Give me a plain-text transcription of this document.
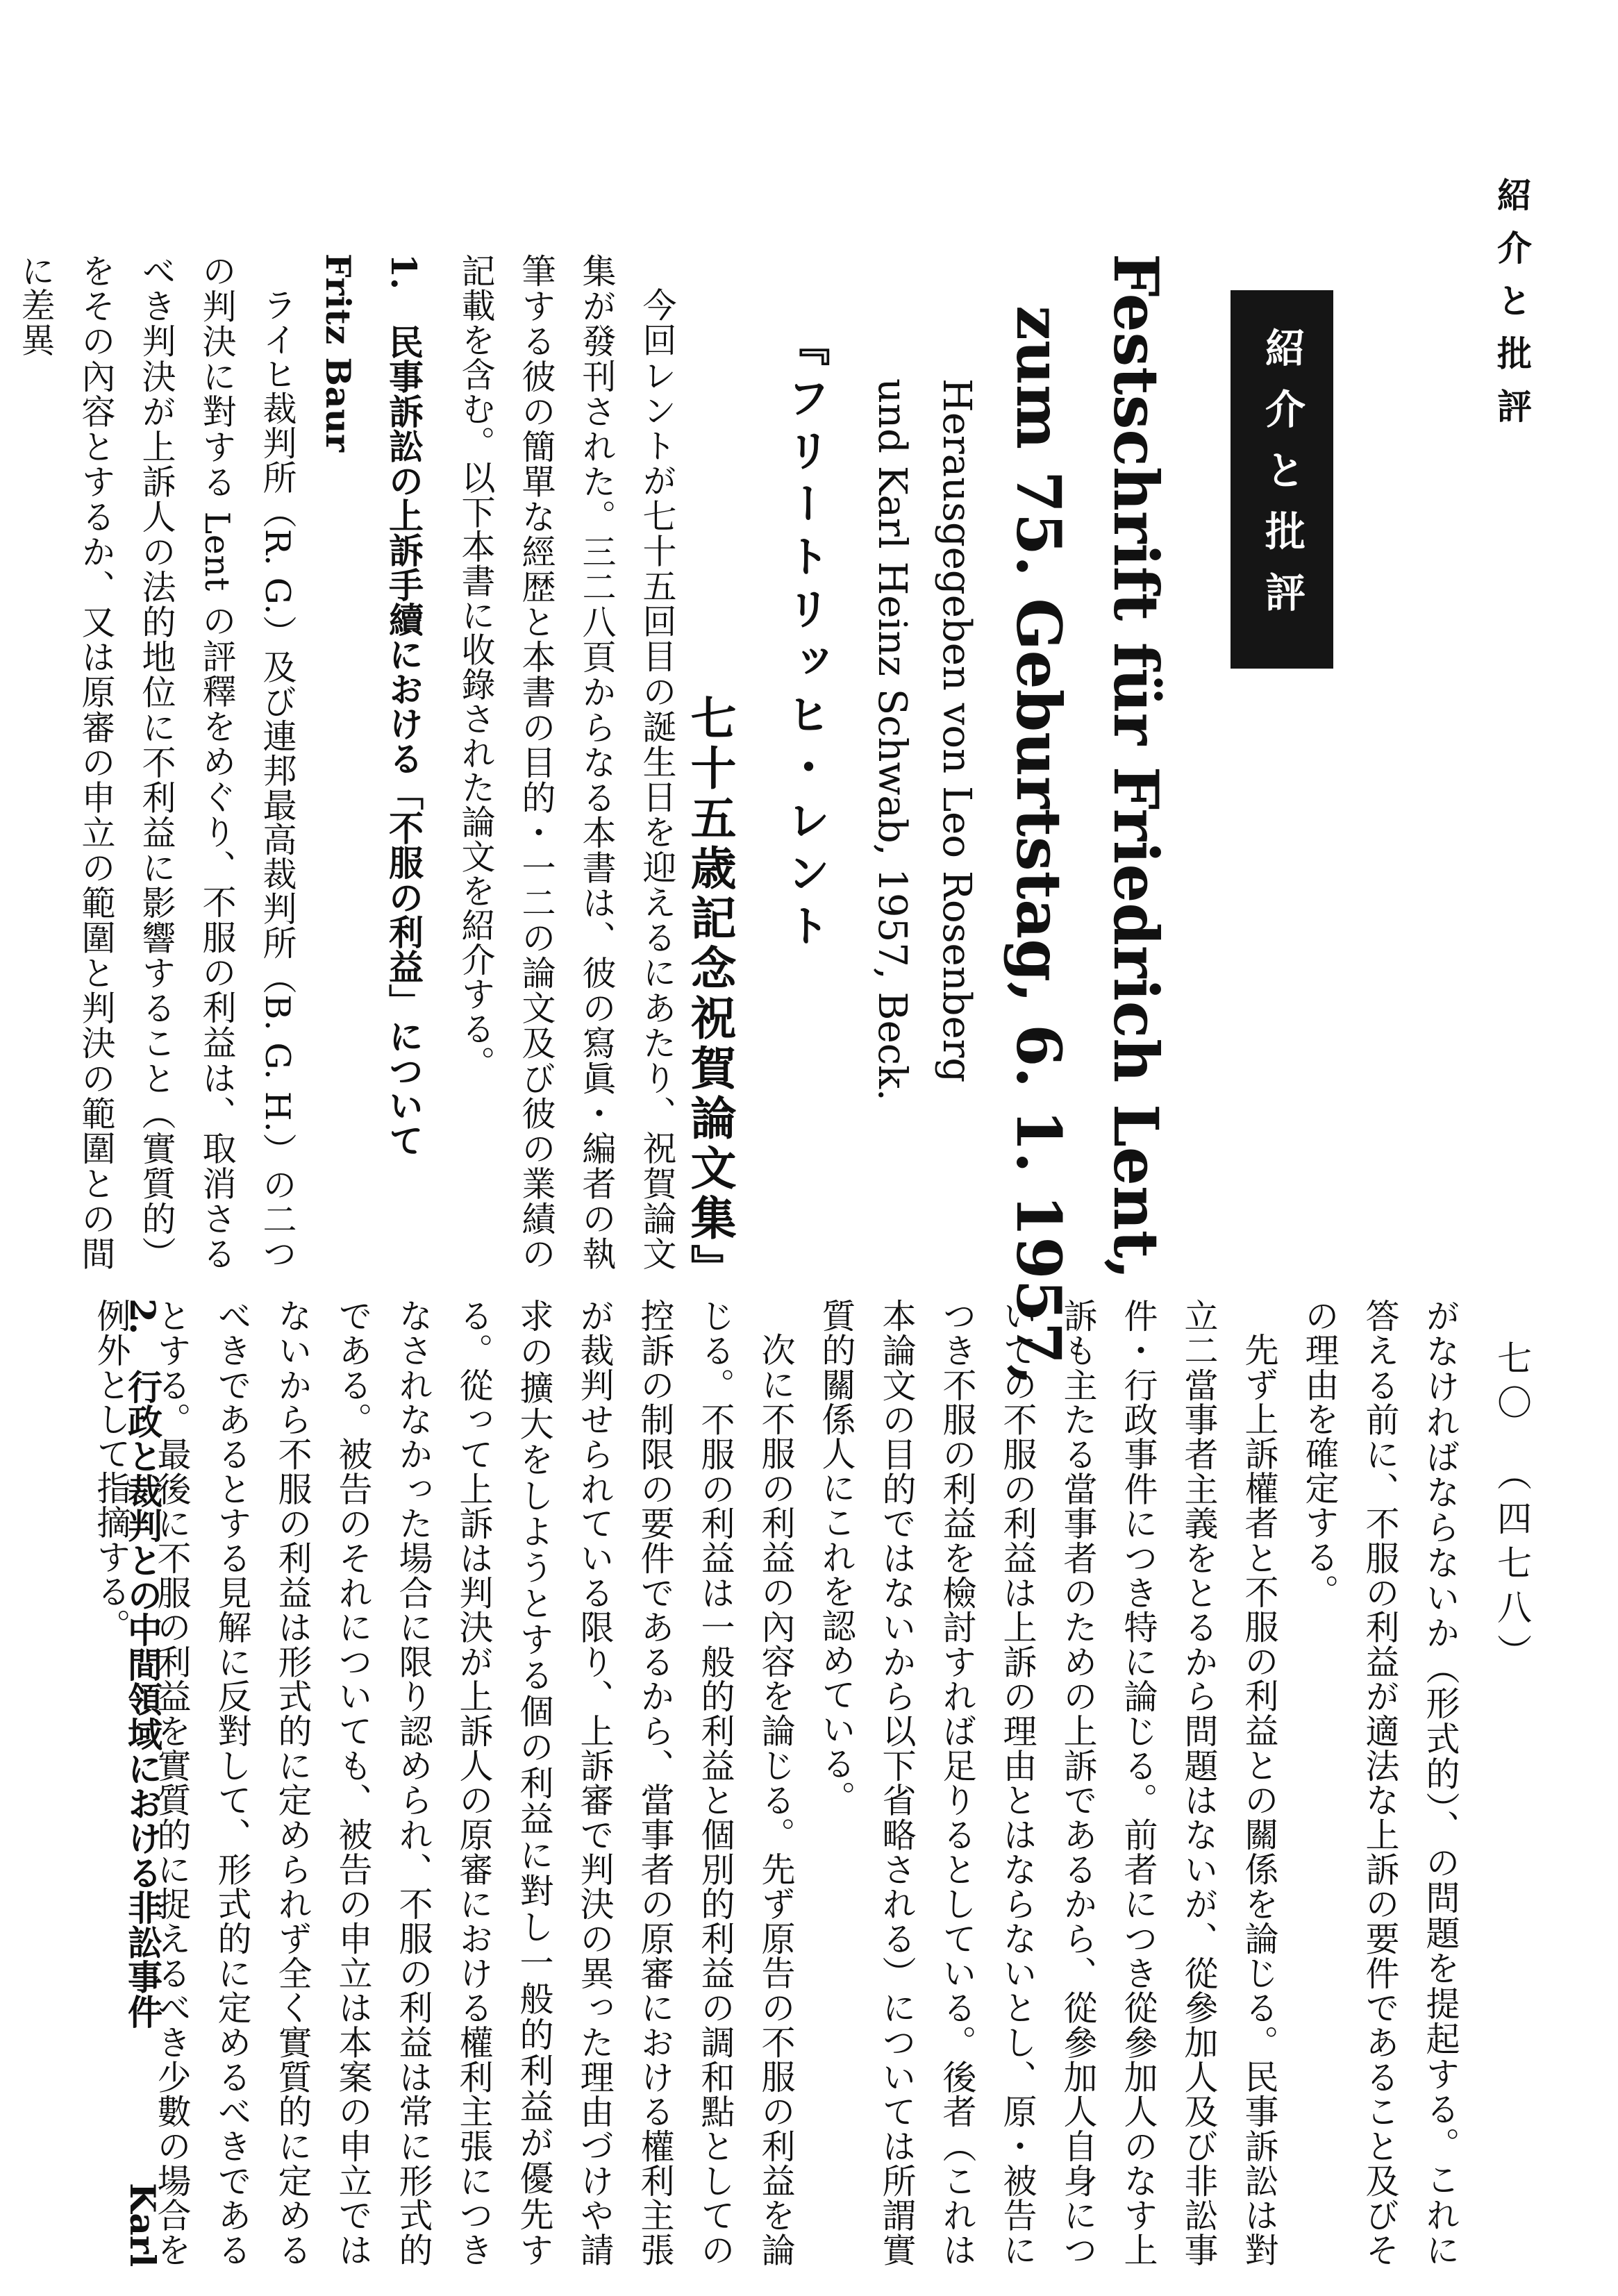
紹介と批評
七〇　（四七八）
紹介と批評
Festschrift für Friedrich Lent,
zum 75. Geburtstag, 6. 1. 1957,
Herausgegeben von Leo Rosenberg
und Karl Heinz Schwab, 1957, Beck.
『フリートリッヒ・レント
七十五歳記念祝賀論文集』

今回レントが七十五回目の誕生日を迎えるにあたり、祝賀論文集が發刊された。三二八頁からなる本書は、彼の寫眞・編者の執筆する彼の簡單な經歴と本書の目的・一二の論文及び彼の業績の記載を含む。以下本書に收錄された論文を紹介する。

1.　民事訴訟の上訴手續における「不服の利益」について

Fritz Baur

ライヒ裁判所（R. G.）及び連邦最高裁判所（B. G. H.）の二つの判決に對する Lent の評釋をめぐり、不服の利益は、取消さるべき判決が上訴人の法的地位に不利益に影響すること（實質的）をその內容とするか、又は原審の申立の範圍と判決の範圍との間に差異

がなければならないか（形式的）、の問題を提起する。これに答える前に、不服の利益が適法な上訴の要件であること及びその理由を確定する。

先ず上訴權者と不服の利益との關係を論じる。民事訴訟は對立二當事者主義をとるから問題はないが、從參加人及び非訟事件・行政事件につき特に論じる。前者につき從參加人のなす上訴も主たる當事者のための上訴であるから、從參加人自身についての不服の利益は上訴の理由とはならないとし、原・被告につき不服の利益を檢討すれば足りるとしている。後者（これは本論文の目的ではないから以下省略される）については所謂實質的關係人にこれを認めている。

次に不服の利益の內容を論じる。先ず原告の不服の利益を論じる。不服の利益は一般的利益と個別的利益の調和點としての控訴の制限の要件であるから、當事者の原審における權利主張が裁判せられている限り、上訴審で判決の異った理由づけや請求の擴大をしようとする個の利益に對し一般的利益が優先する。從って上訴は判決が上訴人の原審における權利主張につきなされなかった場合に限り認められ、不服の利益は常に形式的である。被告のそれについても、被告の申立は本案の申立ではないから不服の利益は形式的に定められず全く實質的に定めるべきであるとする見解に反對して、形式的に定めるべきであるとする。最後に不服の利益を實質的に捉えるべき少數の場合を例外として指摘する。

2.　行政と裁判との中間領域における非訟事件
Karl
